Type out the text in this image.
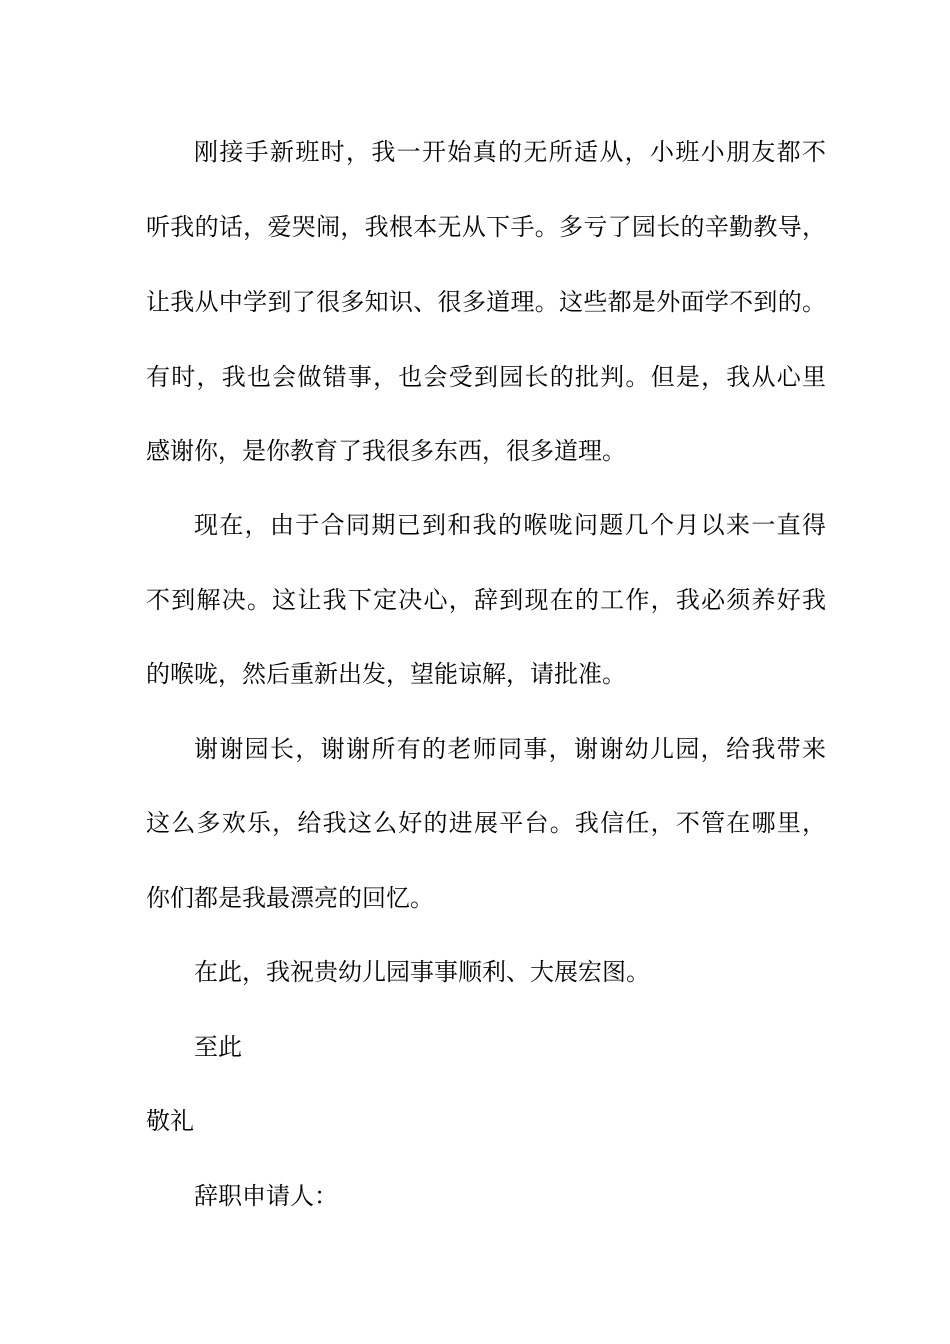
刚接手新班时，我一开始真的无所适从，小班小朋友都不
听我的话，爱哭闹，我根本无从下手。多亏了园长的辛勤教导，
让我从中学到了很多知识、很多道理。这些都是外面学不到的。
有时，我也会做错事，也会受到园长的批判。但是，我从心里
感谢你，是你教育了我很多东西，很多道理。
现在，由于合同期已到和我的喉咙问题几个月以来一直得
不到解决。这让我下定决心，辞到现在的工作，我必须养好我
的喉咙，然后重新出发，望能谅解，请批准。
谢谢园长，谢谢所有的老师同事，谢谢幼儿园，给我带来
这么多欢乐，给我这么好的进展平台。我信任，不管在哪里，
你们都是我最漂亮的回忆。
在此，我祝贵幼儿园事事顺利、大展宏图。
至此
敬礼
辞职申请人：
